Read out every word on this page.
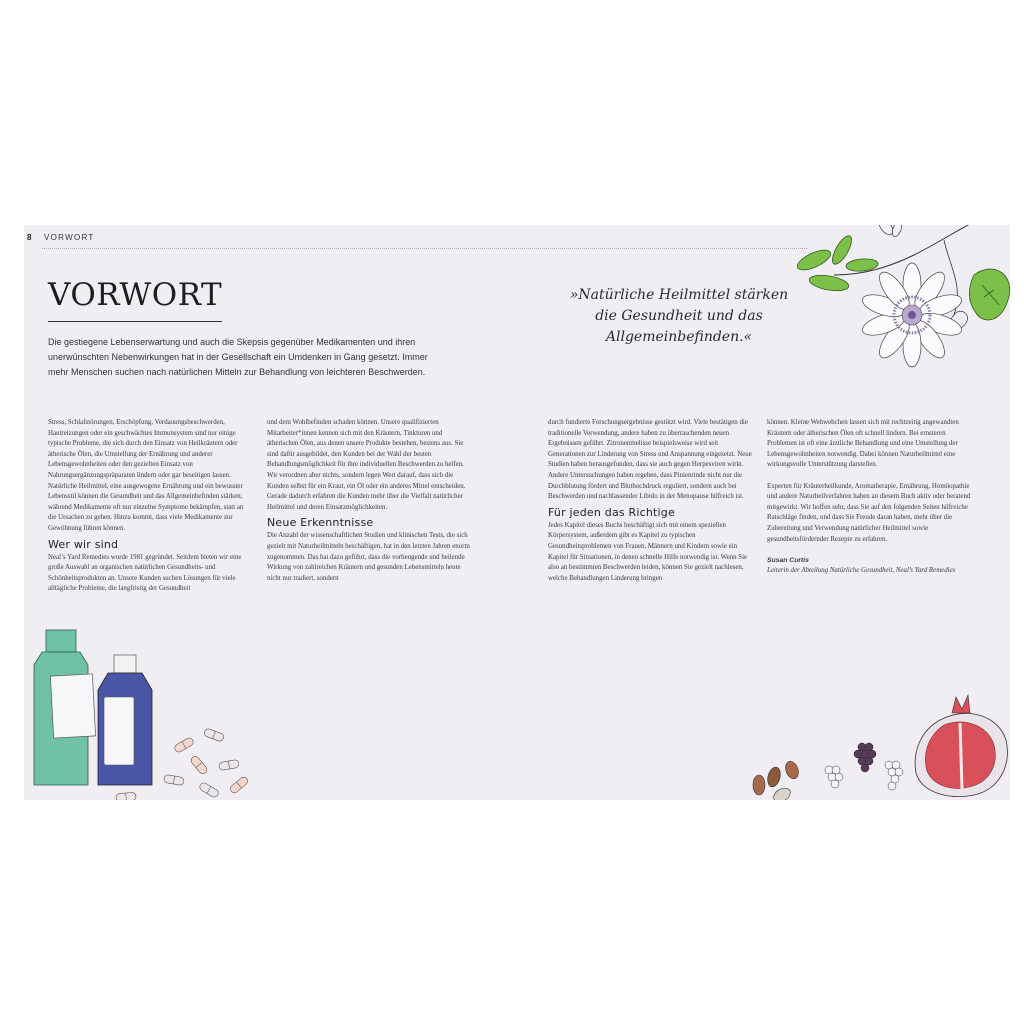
8 VORWORT
VORWORT
Die gestiegene Lebenserwartung und auch die Skepsis gegenüber Medikamenten und ihren unerwünschten Nebenwirkungen hat in der Gesellschaft ein Umdenken in Gang gesetzt. Immer mehr Menschen suchen nach natürlichen Mitteln zur Behandlung von leichteren Beschwerden.
»Natürliche Heilmittel stärken die Gesundheit und das Allgemeinbefinden.«

Stress, Schlafstörungen, Erschöpfung, Verdauungsbeschwerden, Hautreizungen oder ein geschwächtes Immunsystem sind nur einige typische Probleme, die sich durch den Einsatz von Heilkräutern oder ätherische Ölen, die Umstellung der Ernährung und anderer Lebensgewohnheiten oder den gezielten Einsatz von Nahrungsergänzungspräparaten lindern oder gar beseitigen lassen. Natürliche Heilmittel, eine ausgewogene Ernährung und ein bewusster Lebensstil können die Gesundheit und das Allgemeinbefinden stärken, während Medikamente oft nur einzelne Symptome bekämpfen, statt an die Ursachen zu gehen. Hinzu kommt, dass viele Medikamente zur Gewöhnung führen können.

Wer wir sind

Neal’s Yard Remedies wurde 1981 gegründet. Seitdem bieten wir eine große Auswahl an organischen natürlichen Gesundheits- und Schönheitsprodukten an. Unsere Kunden suchen Lösungen für viele alltägliche Probleme, die langfristig der Gesundheit

und dem Wohlbefinden schaden können. Unsere qualifizierten Mitarbeiter*innen kennen sich mit den Kräutern, Tinkturen und ätherischen Ölen, aus denen unsere Produkte bestehen, bestens aus. Sie sind dafür ausgebildet, den Kunden bei der Wahl der besten Behandlungsmöglichkeit für ihre individuellen Beschwerden zu helfen. Wir verordnen aber nichts, sondern legen Wert darauf, dass sich die Kunden selbst für ein Kraut, ein Öl oder ein anderes Mittel entscheiden. Gerade dadurch erfahren die Kunden mehr über die Vielfalt natürlicher Heilmittel und deren Einsatzmöglichkeiten.

Neue Erkenntnisse

Die Anzahl der wissenschaftlichen Studien und klinischen Tests, die sich gezielt mit Naturheilmitteln beschäftigen, hat in den letzten Jahren enorm zugenommen. Das hat dazu geführt, dass die vorbeugende und heilende Wirkung von zahlreichen Kräutern und gesunden Lebensmitteln heute nicht nur tradiert, sondern

durch fundierte Forschungsergebnisse gestützt wird. Viele bestätigen die traditionelle Verwendung, andere haben zu überraschenden neuen Ergebnissen geführt. Zitronenmelisse beispielsweise wird seit Generationen zur Linderung von Stress und Anspannung eingesetzt. Neue Studien haben herausgefunden, dass sie auch gegen Herpesviren wirkt. Andere Untersuchungen haben ergeben, dass Pinienrinde nicht nur die Durchblutung fördert und Bluthochdruck reguliert, sondern auch bei Beschwerden und nachlassender Libido in der Menopause hilfreich ist.

Für jeden das Richtige

Jedes Kapitel dieses Buchs beschäftigt sich mit einem speziellen Körpersystem, außerdem gibt es Kapitel zu typischen Gesundheitsproblemen von Frauen, Männern und Kindern sowie ein Kapitel für Situationen, in denen schnelle Hilfe notwendig ist. Wenn Sie also an bestimmten Beschwerden leiden, können Sie gezielt nachlesen, welche Behandlungen Linderung bringen

können. Kleine Wehwehchen lassen sich mit rechtzeitig angewandten Kräutern oder ätherischen Ölen oft schnell lindern. Bei ernsteren Problemen ist oft eine ärztliche Behandlung und eine Umstellung der Lebensgewohnheiten notwendig. Dabei können Naturheilmittel eine wirkungsvolle Unterstützung darstellen.

Experten für Kräuterheilkunde, Aromatherapie, Ernährung, Homöopathie und andere Naturheilverfahren haben an diesem Buch aktiv oder beratend mitgewirkt. Wir hoffen sehr, dass Sie auf den folgenden Seiten hilfreiche Ratschläge finden, und dass Sie Freude daran haben, mehr über die Zubereitung und Verwendung natürlicher Heilmittel sowie gesundheitsfördernder Rezepte zu erfahren.

Susan Curtis

Leiterin der Abteilung Natürliche Gesundheit, Neal’s Yard Remedies
